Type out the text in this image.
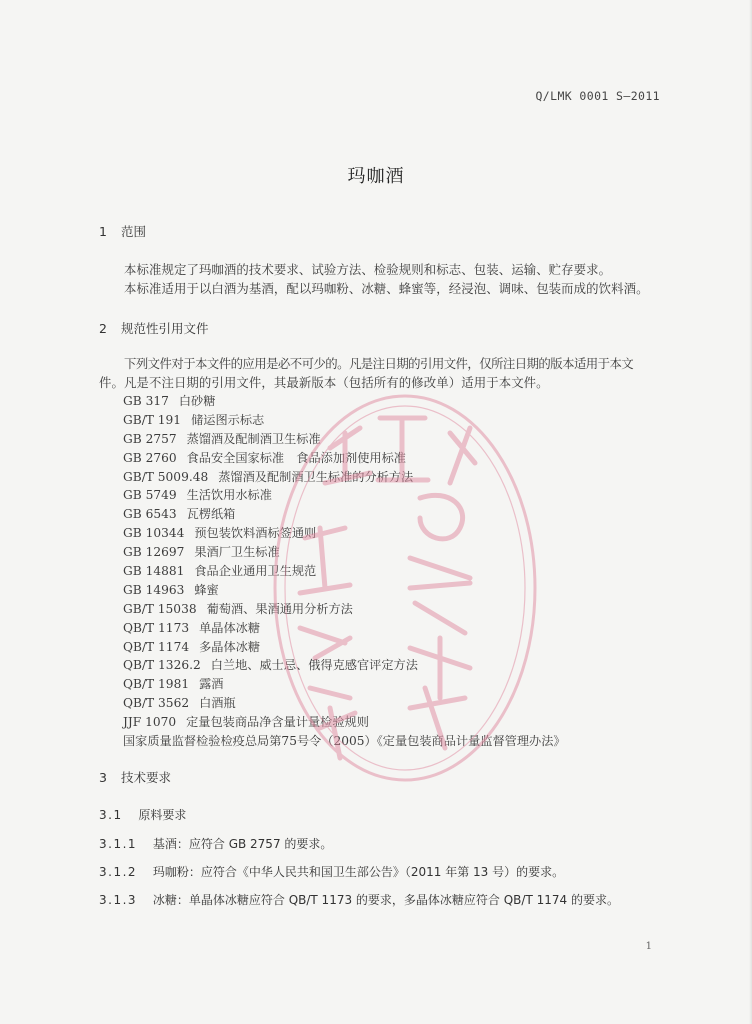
Q/LMK 0001 S—2011
玛咖酒
1 范围
本标准规定了玛咖酒的技术要求、试验方法、检验规则和标志、包装、运输、贮存要求。
本标准适用于以白酒为基酒，配以玛咖粉、冰糖、蜂蜜等，经浸泡、调味、包装而成的饮料酒。
2 规范性引用文件
下列文件对于本文件的应用是必不可少的。凡是注日期的引用文件，仅所注日期的版本适用于本文
件。凡是不注日期的引用文件，其最新版本（包括所有的修改单）适用于本文件。
GB 317 白砂糖
GB/T 191 储运图示标志
GB 2757 蒸馏酒及配制酒卫生标准
GB 2760 食品安全国家标准　食品添加剂使用标准
GB/T 5009.48 蒸馏酒及配制酒卫生标准的分析方法
GB 5749 生活饮用水标准
GB 6543 瓦楞纸箱
GB 10344 预包装饮料酒标签通则
GB 12697 果酒厂卫生标准
GB 14881 食品企业通用卫生规范
GB 14963 蜂蜜
GB/T 15038 葡萄酒、果酒通用分析方法
QB/T 1173 单晶体冰糖
QB/T 1174 多晶体冰糖
QB/T 1326.2 白兰地、威士忌、俄得克感官评定方法
QB/T 1981 露酒
QB/T 3562 白酒瓶
JJF 1070 定量包装商品净含量计量检验规则
国家质量监督检验检疫总局第75号令（2005）《定量包装商品计量监督管理办法》
3 技术要求
3.1 原料要求
3.1.1 基酒：应符合 GB 2757 的要求。
3.1.2 玛咖粉：应符合《中华人民共和国卫生部公告》（2011 年第 13 号）的要求。
3.1.3 冰糖：单晶体冰糖应符合 QB/T 1173 的要求，多晶体冰糖应符合 QB/T 1174 的要求。
1
